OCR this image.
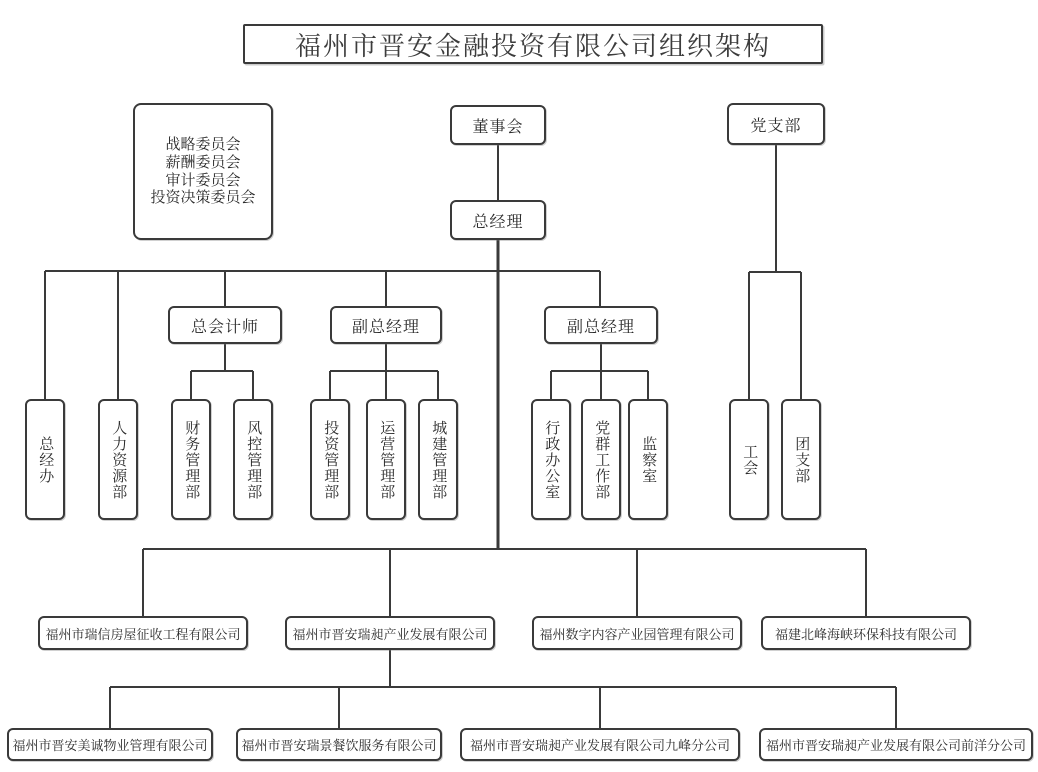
福州市晋安金融投资有限公司组织架构
战略委员会
薪酬委员会
审计委员会
投资决策委员会
董事会
总经理
党支部
总会计师	副总经理	副总经理
总经办	人力资源部	财务管理部	风控管理部	投资管理部	运营管理部 城建管理部	行政办公室 党群工作部 监察室	工会 团支部
福州市瑞信房屋征收工程有限公司	福州市晋安瑞昶产业发展有限公司	福州数字内容产业园管理有限公司	福建北峰海峡环保科技有限公司
福州市晋安美诚物业管理有限公司	福州市晋安瑞景餐饮服务有限公司	福州市晋安瑞昶产业发展有限公司九峰分公司	福州市晋安瑞昶产业发展有限公司前洋分公司
